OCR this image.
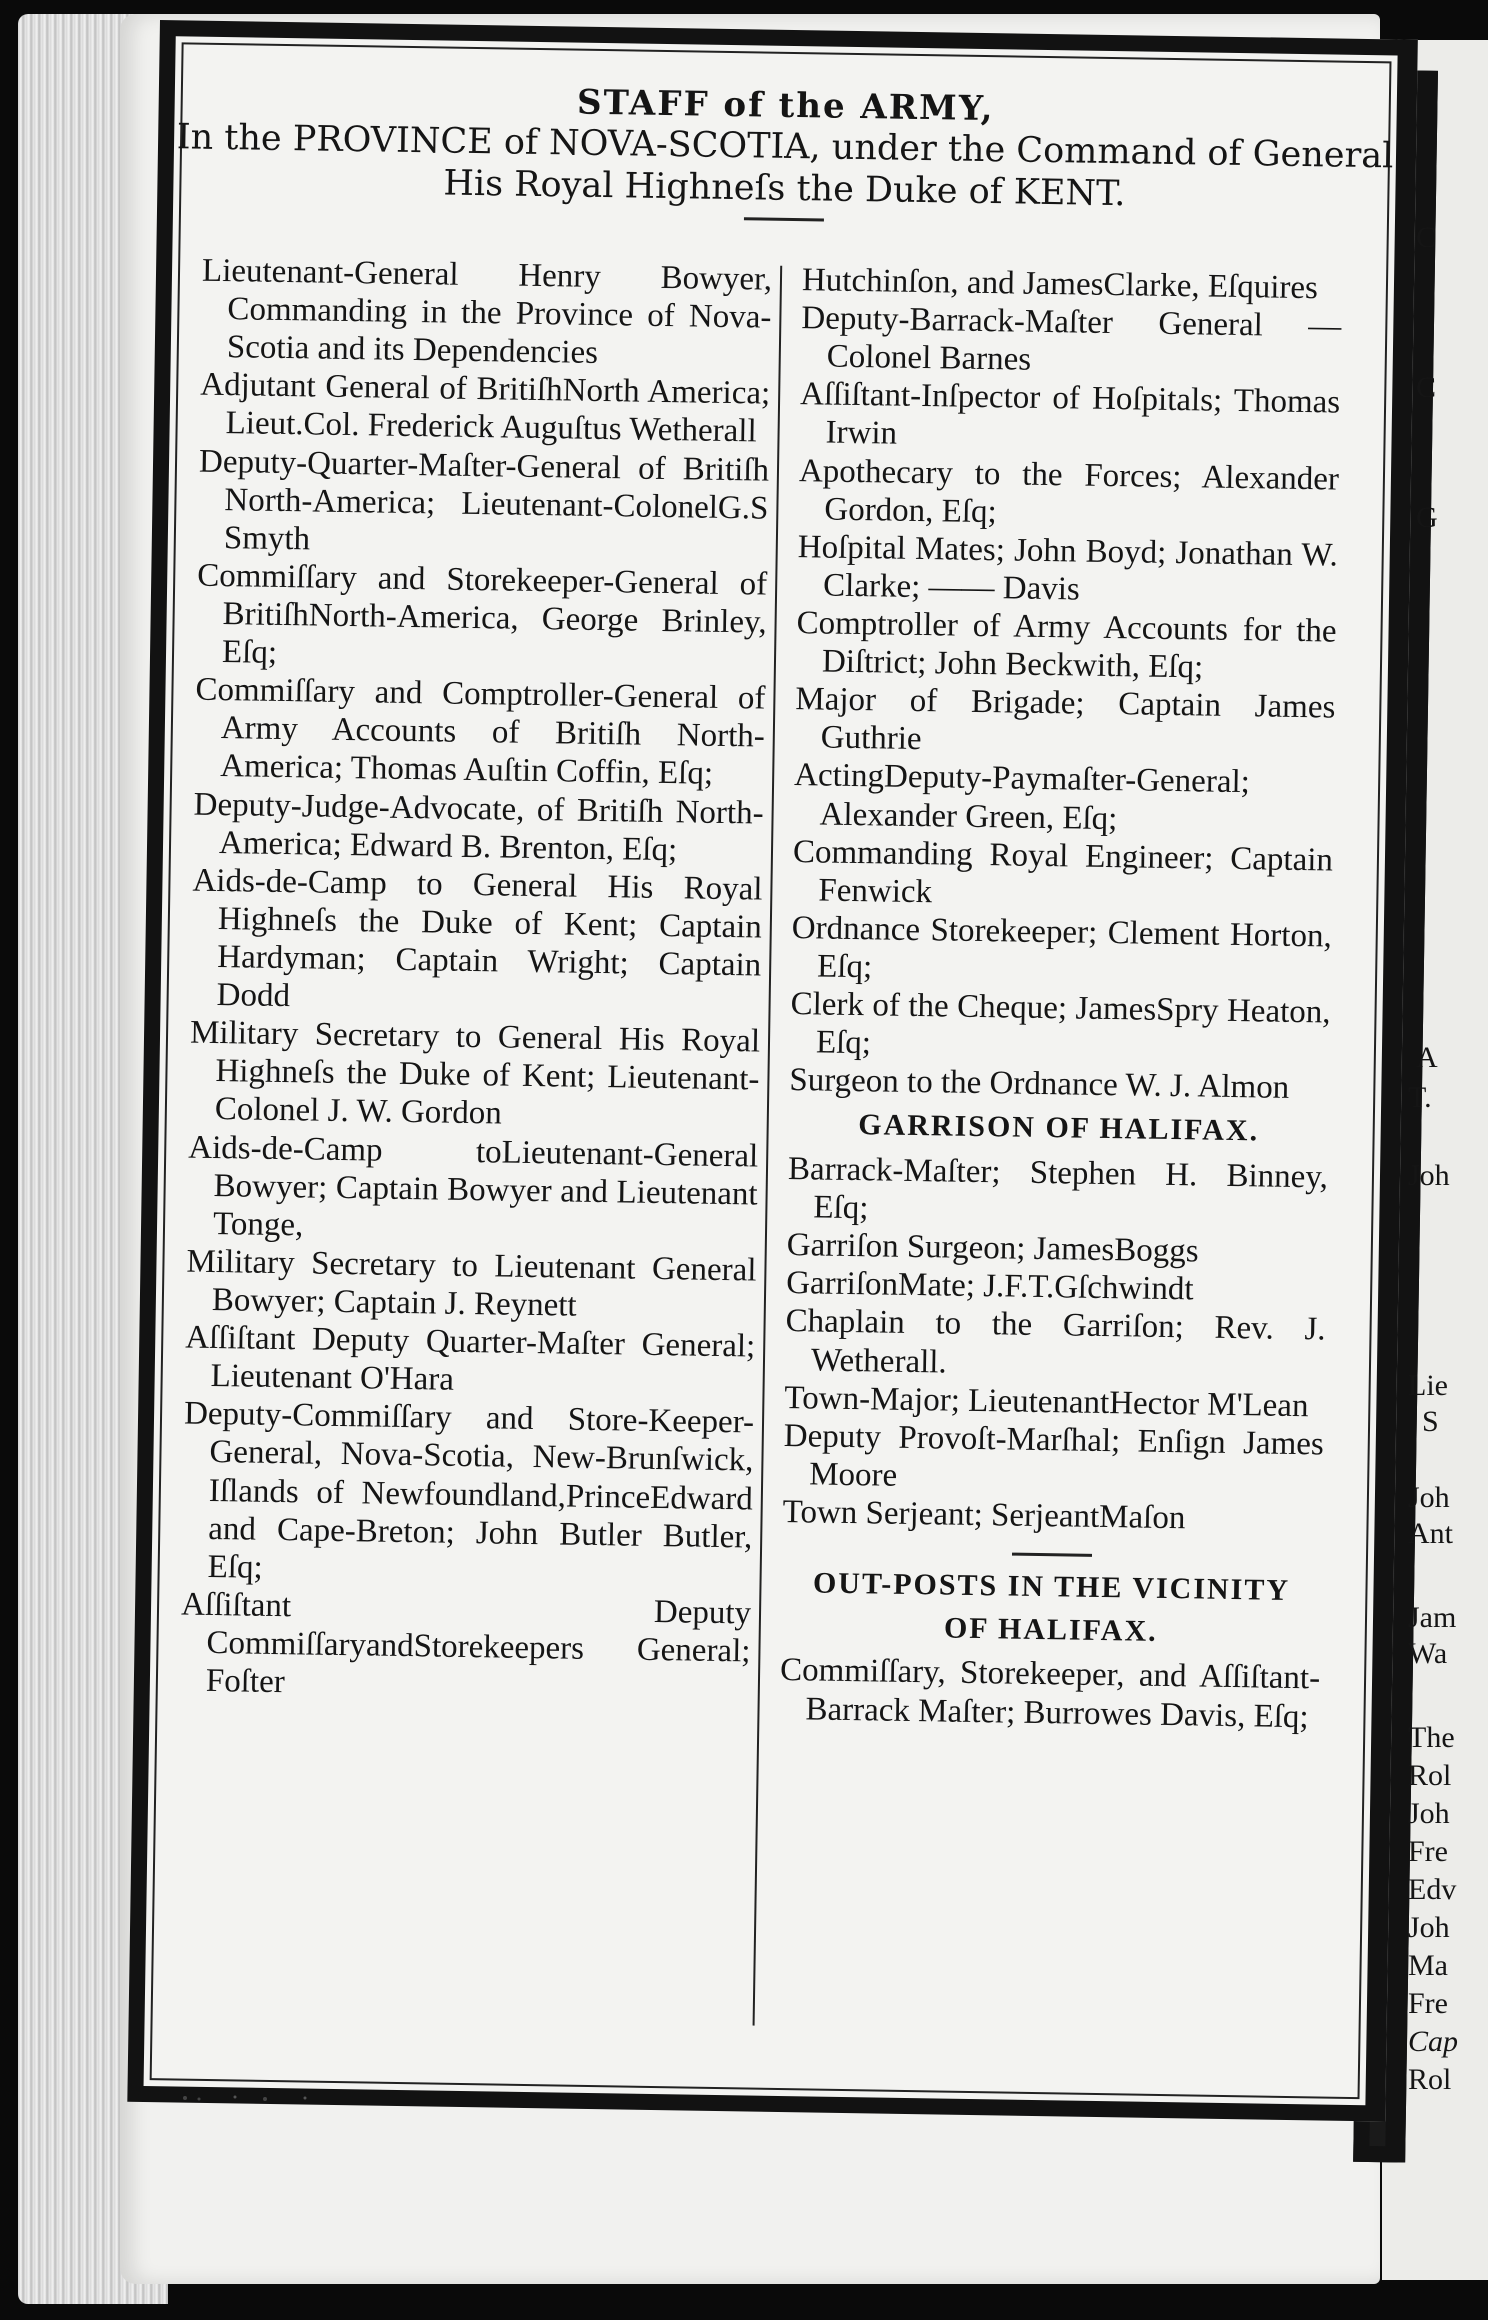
C
C
G
A
T.
Joh
Lie
S
Joh
Ant
Jam
Wa
The
Rol
Joh
Fre
Edv
Joh
Ma
Fre
Cap
Rol
STAFF of the ARMY,
In the PROVINCE of NOVA-SCOTIA, under the Command of General
His Royal Highneſs the Duke of KENT.

Lieutenant-General Henry Bowyer, Commanding in the Province of Nova-Scotia and its Dependencies

Adjutant General of BritiſhNorth America; Lieut.Col. Frederick Auguſtus Wetherall

Deputy-Quarter-Maſter-General of Britiſh North-America; Lieutenant-ColonelG.S Smyth

Commiſſary and Storekeeper-General of BritiſhNorth-America, George Brinley, Eſq;

Commiſſary and Comptroller-General of Army Accounts of Britiſh North-America; Thomas Auſtin Coffin, Eſq;

Deputy-Judge-Advocate, of Britiſh North-America; Edward B. Brenton, Eſq;

Aids-de-Camp to General His Royal Highneſs the Duke of Kent; Captain Hardyman; Captain Wright; Captain Dodd

Military Secretary to General His Royal Highneſs the Duke of Kent; Lieutenant-Colonel J. W. Gordon

Aids-de-Camp toLieutenant-General Bowyer; Captain Bowyer and Lieutenant Tonge,

Military Secretary to Lieutenant General Bowyer; Captain J. Reynett

Aſſiſtant Deputy Quarter-Maſter General; Lieutenant O'Hara

Deputy-Commiſſary and Store-Keeper-General, Nova-Scotia, New-Brunſwick, Iſlands of Newfoundland,PrinceEdward and Cape-Breton; John Butler Butler, Eſq;

Aſſiſtant Deputy CommiſſaryandStorekeepers General; Foſter

Hutchinſon, and JamesClarke, Eſquires

Deputy-Barrack-Maſter General —Colonel Barnes

Aſſiſtant-Inſpector of Hoſpitals; Thomas Irwin

Apothecary to the Forces; Alexander Gordon, Eſq;

Hoſpital Mates; John Boyd; Jonathan W. Clarke; —— Davis

Comptroller of Army Accounts for the Diſtrict; John Beckwith, Eſq;

Major of Brigade; Captain James Guthrie

ActingDeputy-Paymaſter-General; Alexander Green, Eſq;

Commanding Royal Engineer; Captain Fenwick

Ordnance Storekeeper; Clement Horton, Eſq;

Clerk of the Cheque; JamesSpry Heaton, Eſq;

Surgeon to the Ordnance W. J. Almon

GARRISON OF HALIFAX.

Barrack-Maſter; Stephen H. Binney, Eſq;

Garriſon Surgeon; JamesBoggs

GarriſonMate; J.F.T.Gſchwindt

Chaplain to the Garriſon; Rev. J. Wetherall.

Town-Major; LieutenantHector M'Lean

Deputy Provoſt-Marſhal; Enſign James Moore

Town Serjeant; SerjeantMaſon

OUT-POSTS IN THE VICINITY
OF HALIFAX.

Commiſſary, Storekeeper, and Aſſiſtant-Barrack Maſter; Burrowes Davis, Eſq;
